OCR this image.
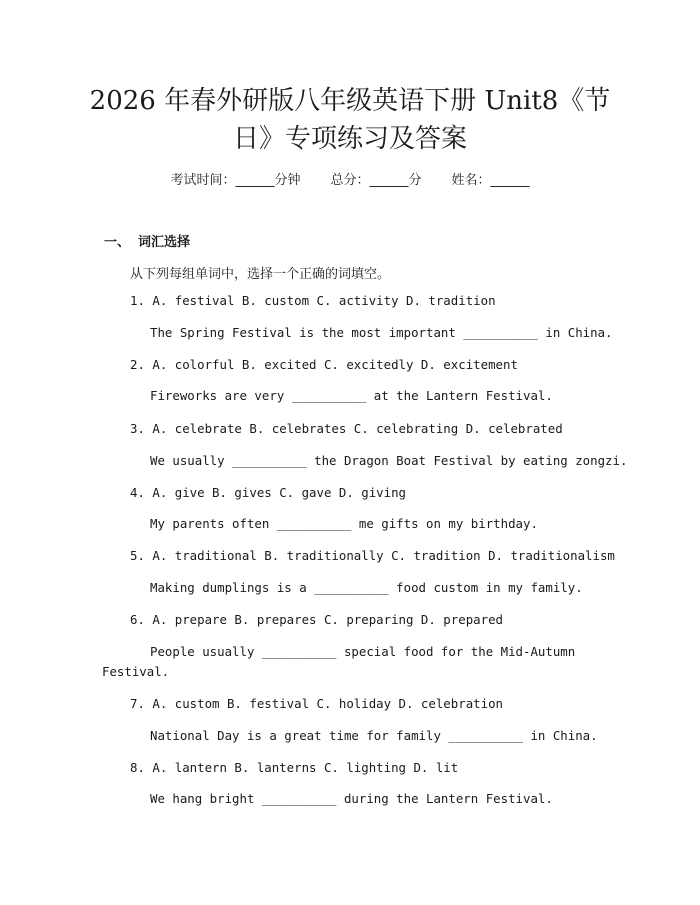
2026 年春外研版八年级英语下册 Unit8《节
日》专项练习及答案
考试时间：______分钟 总分：______分 姓名：______
一、 词汇选择
从下列每组单词中，选择一个正确的词填空。
1. A. festival B. custom C. activity D. tradition
The Spring Festival is the most important __________ in China.
2. A. colorful B. excited C. excitedly D. excitement
Fireworks are very __________ at the Lantern Festival.
3. A. celebrate B. celebrates C. celebrating D. celebrated
We usually __________ the Dragon Boat Festival by eating zongzi.
4. A. give B. gives C. gave D. giving
My parents often __________ me gifts on my birthday.
5. A. traditional B. traditionally C. tradition D. traditionalism
Making dumplings is a __________ food custom in my family.
6. A. prepare B. prepares C. preparing D. prepared
People usually __________ special food for the Mid-Autumn
Festival.
7. A. custom B. festival C. holiday D. celebration
National Day is a great time for family __________ in China.
8. A. lantern B. lanterns C. lighting D. lit
We hang bright __________ during the Lantern Festival.
